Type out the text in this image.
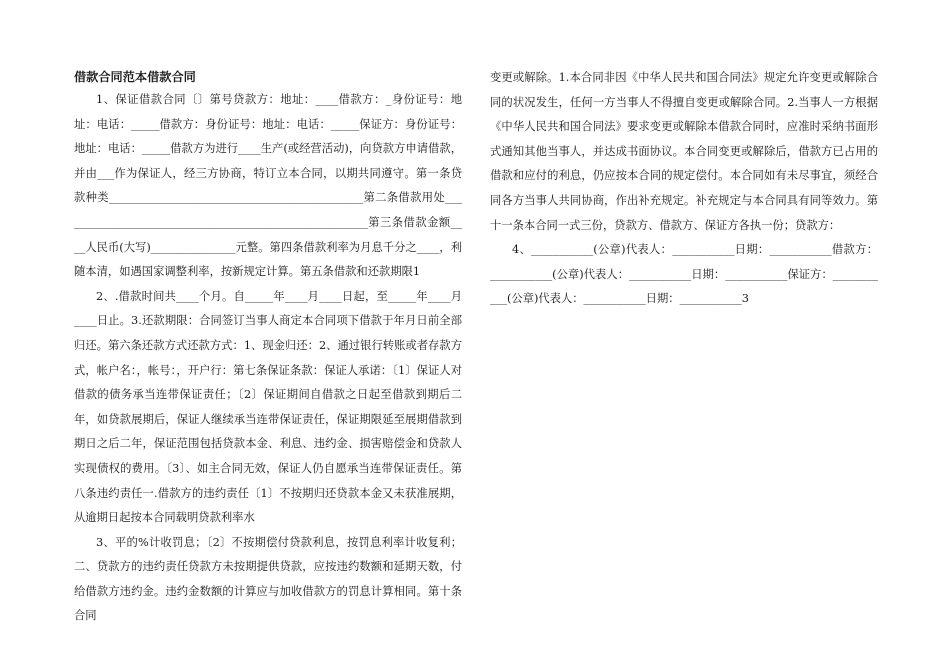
借款合同范本借款合同

1、保证借款合同〔〕第号贷款方：地址：____借款方：_身份证号：地址：电话：_____借款方：身份证号：地址：电话：_____保证方：身份证号：地址：电话：_____借款方为进行____生产(或经营活动)，向贷款方申请借款，并由___作为保证人，经三方协商，特订立本合同，以期共同遵守。第一条贷款种类_____________________________________________第二条借款用处_______________________________________________________第三条借款金额____人民币(大写)_______________元整。第四条借款利率为月息千分之____，利随本清，如遇国家调整利率，按新规定计算。第五条借款和还款期限1

2、.借款时间共____个月。自_____年____月____日起，至_____年____月____日止。3.还款期限：合同签订当事人商定本合同项下借款于年月日前全部归还。第六条还款方式还款方式：1、现金归还：2、通过银行转账或者存款方式，帐户名：，帐号：，开户行：第七条保证条款：保证人承诺：〔1〕保证人对借款的债务承当连带保证责任；〔2〕保证期间自借款之日起至借款到期后二年，如贷款展期后，保证人继续承当连带保证责任，保证期限延至展期借款到期日之后二年，保证范围包括贷款本金、利息、违约金、损害赔偿金和贷款人实现债权的费用。〔3〕、如主合同无效，保证人仍自愿承当连带保证责任。第八条违约责任一.借款方的违约责任〔1〕不按期归还贷款本金又未获准展期，从逾期日起按本合同载明贷款利率水

3、平的%计收罚息；〔2〕不按期偿付贷款利息，按罚息利率计收复利；二、贷款方的违约责任贷款方未按期提供贷款，应按违约数额和延期天数，付给借款方违约金。违约金数额的计算应与加收借款方的罚息计算相同。第十条合同

变更或解除。1.本合同非因《中华人民共和国合同法》规定允许变更或解除合同的状况发生，任何一方当事人不得擅自变更或解除合同。2.当事人一方根据《中华人民共和国合同法》要求变更或解除本借款合同时，应准时采纳书面形式通知其他当事人，并达成书面协议。本合同变更或解除后，借款方已占用的借款和应付的利息，仍应按本合同的规定偿付。本合同如有未尽事宜，须经合同各方当事人共同协商，作出补充规定。补充规定与本合同具有同等效力。第十一条本合同一式三份，贷款方、借款方、保证方各执一份；贷款方：

4、___________(公章)代表人：___________日期：___________借款方：___________(公章)代表人：___________日期：___________保证方：___________(公章)代表人：___________日期：___________3
